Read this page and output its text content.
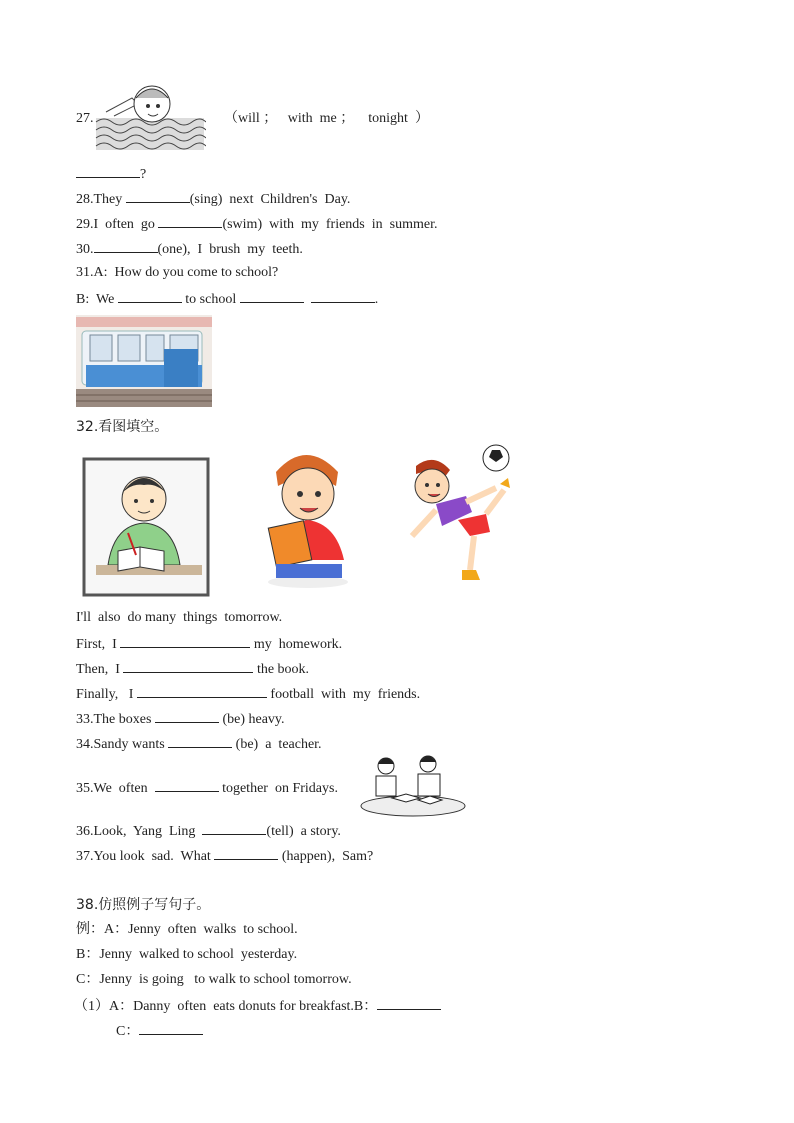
27.	（will ；   with  me ；    tonight  ）
?
28.They	(sing)  next  Children's  Day.
29.I  often  go	(swim)  with  my  friends  in  summer.
30.	(one),  I  brush  my  teeth.
31.A:  How do you come to school?
B:  We	to school	.
32.看图填空。
I'll  also  do many  things  tomorrow.
First,  I	my  homework.
Then,  I	the book.
Finally,   I	football  with  my  friends.
33.The boxes	(be) heavy.
34.Sandy wants	(be)  a  teacher.
35.We  often	together  on Fridays.
36.Look,  Yang  Ling	(tell)  a story.
37.You look  sad.  What	(happen),  Sam?
38.仿照例子写句子。
例：A：Jenny  often  walks  to school.
B：Jenny  walked to school  yesterday.
C：Jenny  is going   to walk to school tomorrow.
（1）A：Danny  often  eats donuts for breakfast.B：
C：
